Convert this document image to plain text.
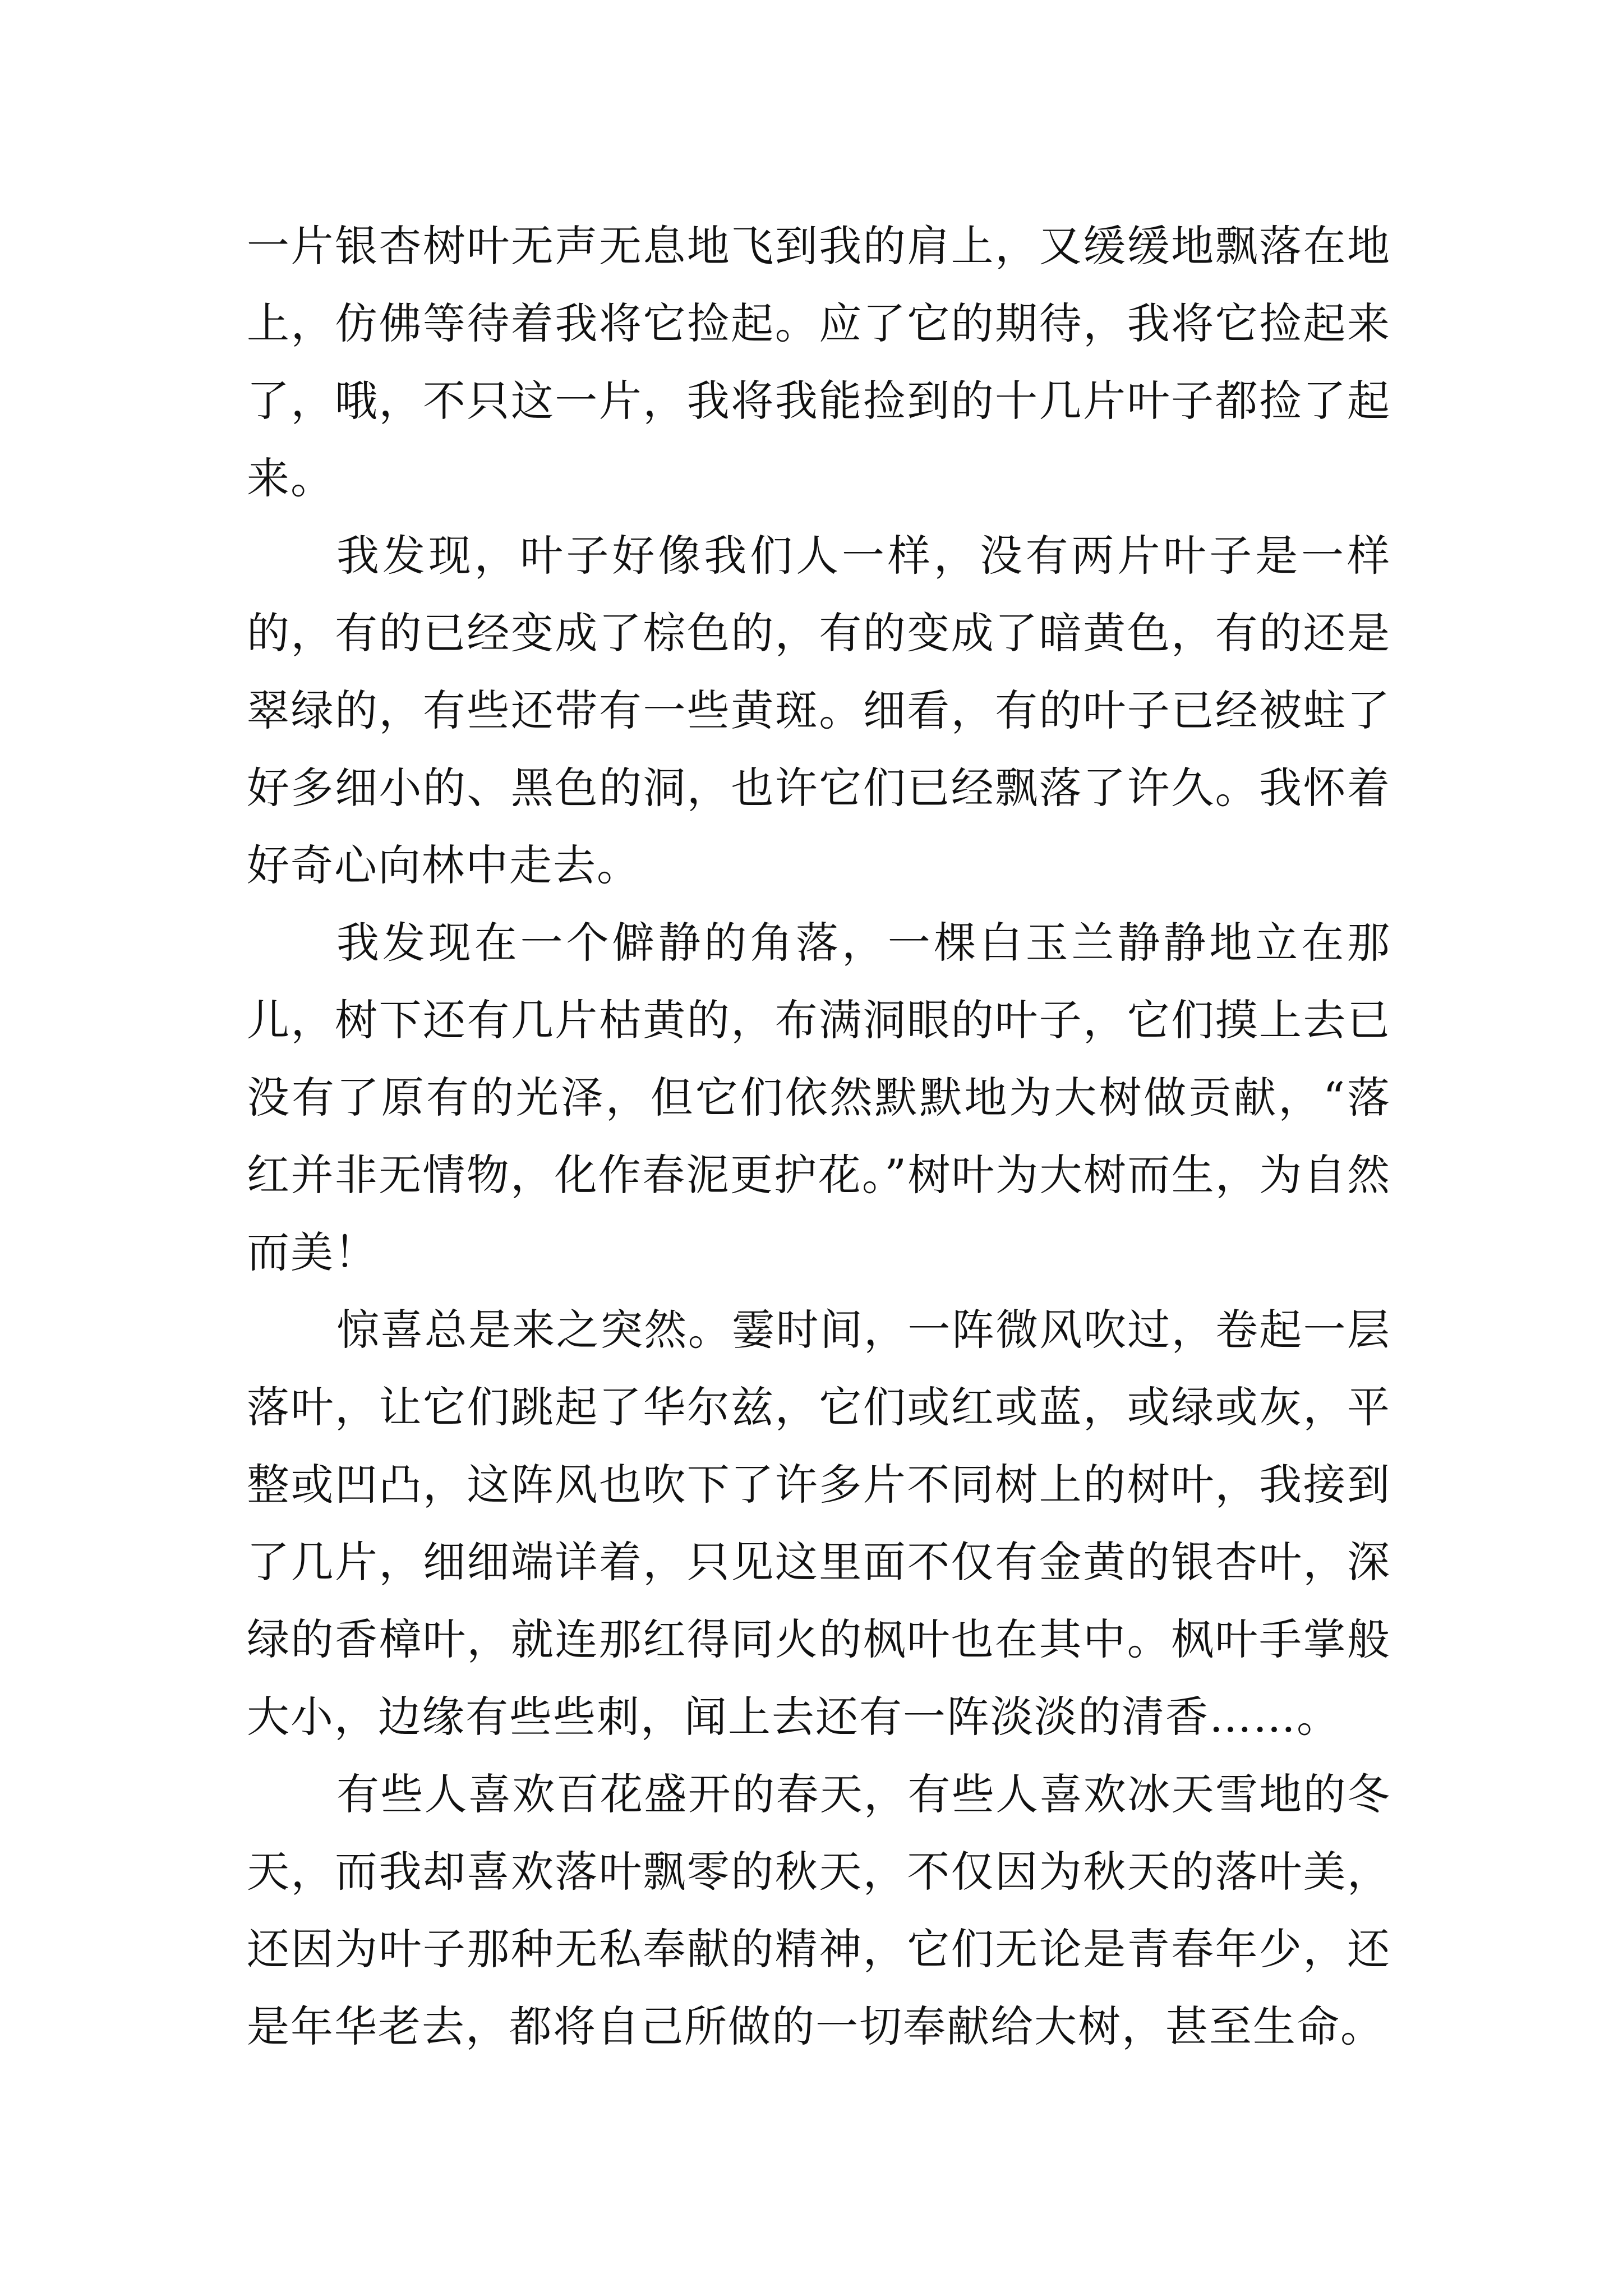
一片银杏树叶无声无息地飞到我的肩上，又缓缓地飘落在地上，仿佛等待着我将它捡起。应了它的期待，我将它捡起来了，哦，不只这一片，我将我能捡到的十几片叶子都捡了起来。

我发现，叶子好像我们人一样，没有两片叶子是一样的，有的已经变成了棕色的，有的变成了暗黄色，有的还是翠绿的，有些还带有一些黄斑。细看，有的叶子已经被蛀了好多细小的、黑色的洞，也许它们已经飘落了许久。我怀着好奇心向林中走去。

我发现在一个僻静的角落，一棵白玉兰静静地立在那儿，树下还有几片枯黄的，布满洞眼的叶子，它们摸上去已没有了原有的光泽，但它们依然默默地为大树做贡献，“落红并非无情物，化作春泥更护花。”树叶为大树而生，为自然而美！

惊喜总是来之突然。霎时间，一阵微风吹过，卷起一层落叶，让它们跳起了华尔兹，它们或红或蓝，或绿或灰，平整或凹凸，这阵风也吹下了许多片不同树上的树叶，我接到了几片，细细端详着，只见这里面不仅有金黄的银杏叶，深绿的香樟叶，就连那红得同火的枫叶也在其中。枫叶手掌般大小，边缘有些些刺，闻上去还有一阵淡淡的清香……。

有些人喜欢百花盛开的春天，有些人喜欢冰天雪地的冬天，而我却喜欢落叶飘零的秋天，不仅因为秋天的落叶美，还因为叶子那种无私奉献的精神，它们无论是青春年少，还是年华老去，都将自己所做的一切奉献给大树，甚至生命。
